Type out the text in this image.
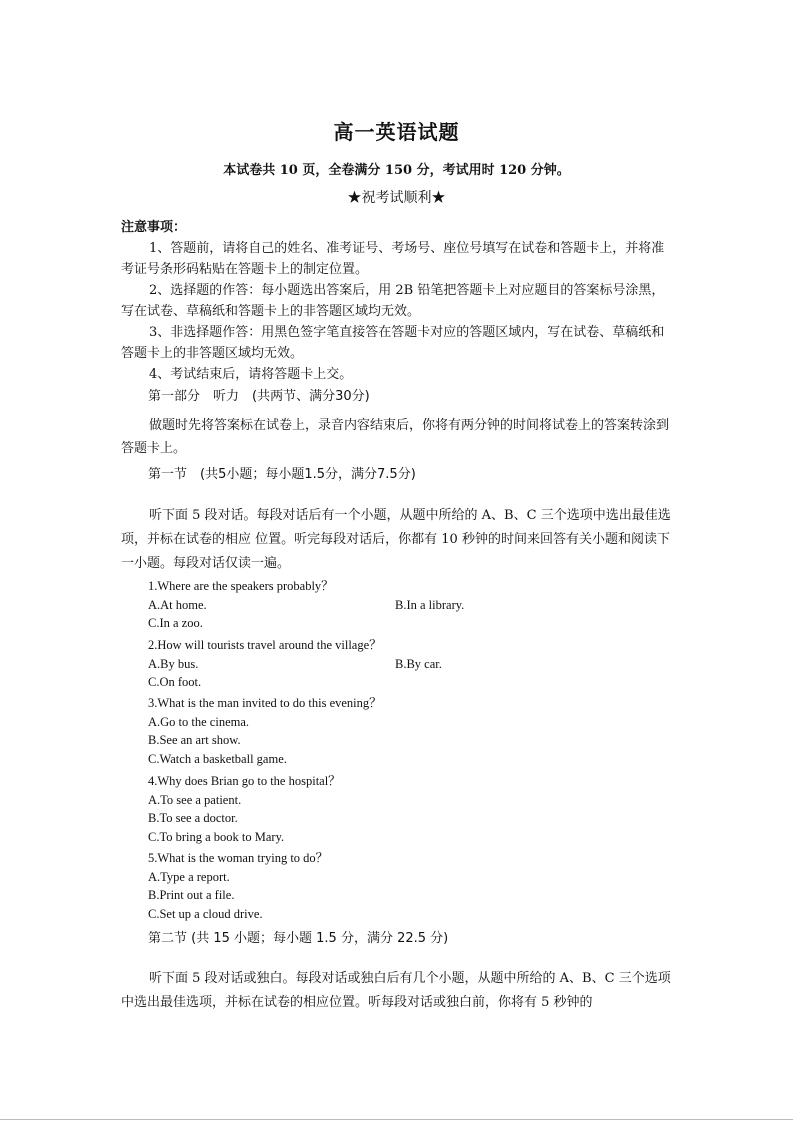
高一英语试题
本试卷共 10 页，全卷满分 150 分，考试用时 120 分钟。
★祝考试顺利★
注意事项：
1、答题前，请将自己的姓名、准考证号、考场号、座位号填写在试卷和答题卡上，并将准考证号条形码粘贴在答题卡上的制定位置。
2、选择题的作答：每小题选出答案后，用 2B 铅笔把答题卡上对应题目的答案标号涂黑，写在试卷、草稿纸和答题卡上的非答题区域均无效。
3、非选择题作答：用黑色签字笔直接答在答题卡对应的答题区域内，写在试卷、草稿纸和答题卡上的非答题区域均无效。
4、考试结束后，请将答题卡上交。
第一部分　听力　(共两节、满分30分)
做题时先将答案标在试卷上，录音内容结束后，你将有两分钟的时间将试卷上的答案转涂到答题卡上。
第一节　(共5小题；每小题1.5分，满分7.5分)
听下面 5 段对话。每段对话后有一个小题，从题中所给的 A、B、C 三个选项中选出最佳选项，并标在试卷的相应 位置。听完每段对话后，你都有 10 秒钟的时间来回答有关小题和阅读下一小题。每段对话仅读一遍。
1.Where are the speakers probably？
A.At home.
C.In a zoo.
B.In a library.
2.How will tourists travel around the village？
A.By bus.
C.On foot.
B.By car.
3.What is the man invited to do this evening？
A.Go to the cinema.
B.See an art show.
C.Watch a basketball game.
4.Why does Brian go to the hospital？
A.To see a patient.
B.To see a doctor.
C.To bring a book to Mary.
5.What is the woman trying to do？
A.Type a report.
B.Print out a file.
C.Set up a cloud drive.
第二节 (共 15 小题；每小题 1.5 分，满分 22.5 分)
听下面 5 段对话或独白。每段对话或独白后有几个小题，从题中所给的 A、B、C 三个选项中选出最佳选项，并标在试卷的相应位置。听每段对话或独白前，你将有 5 秒钟的
